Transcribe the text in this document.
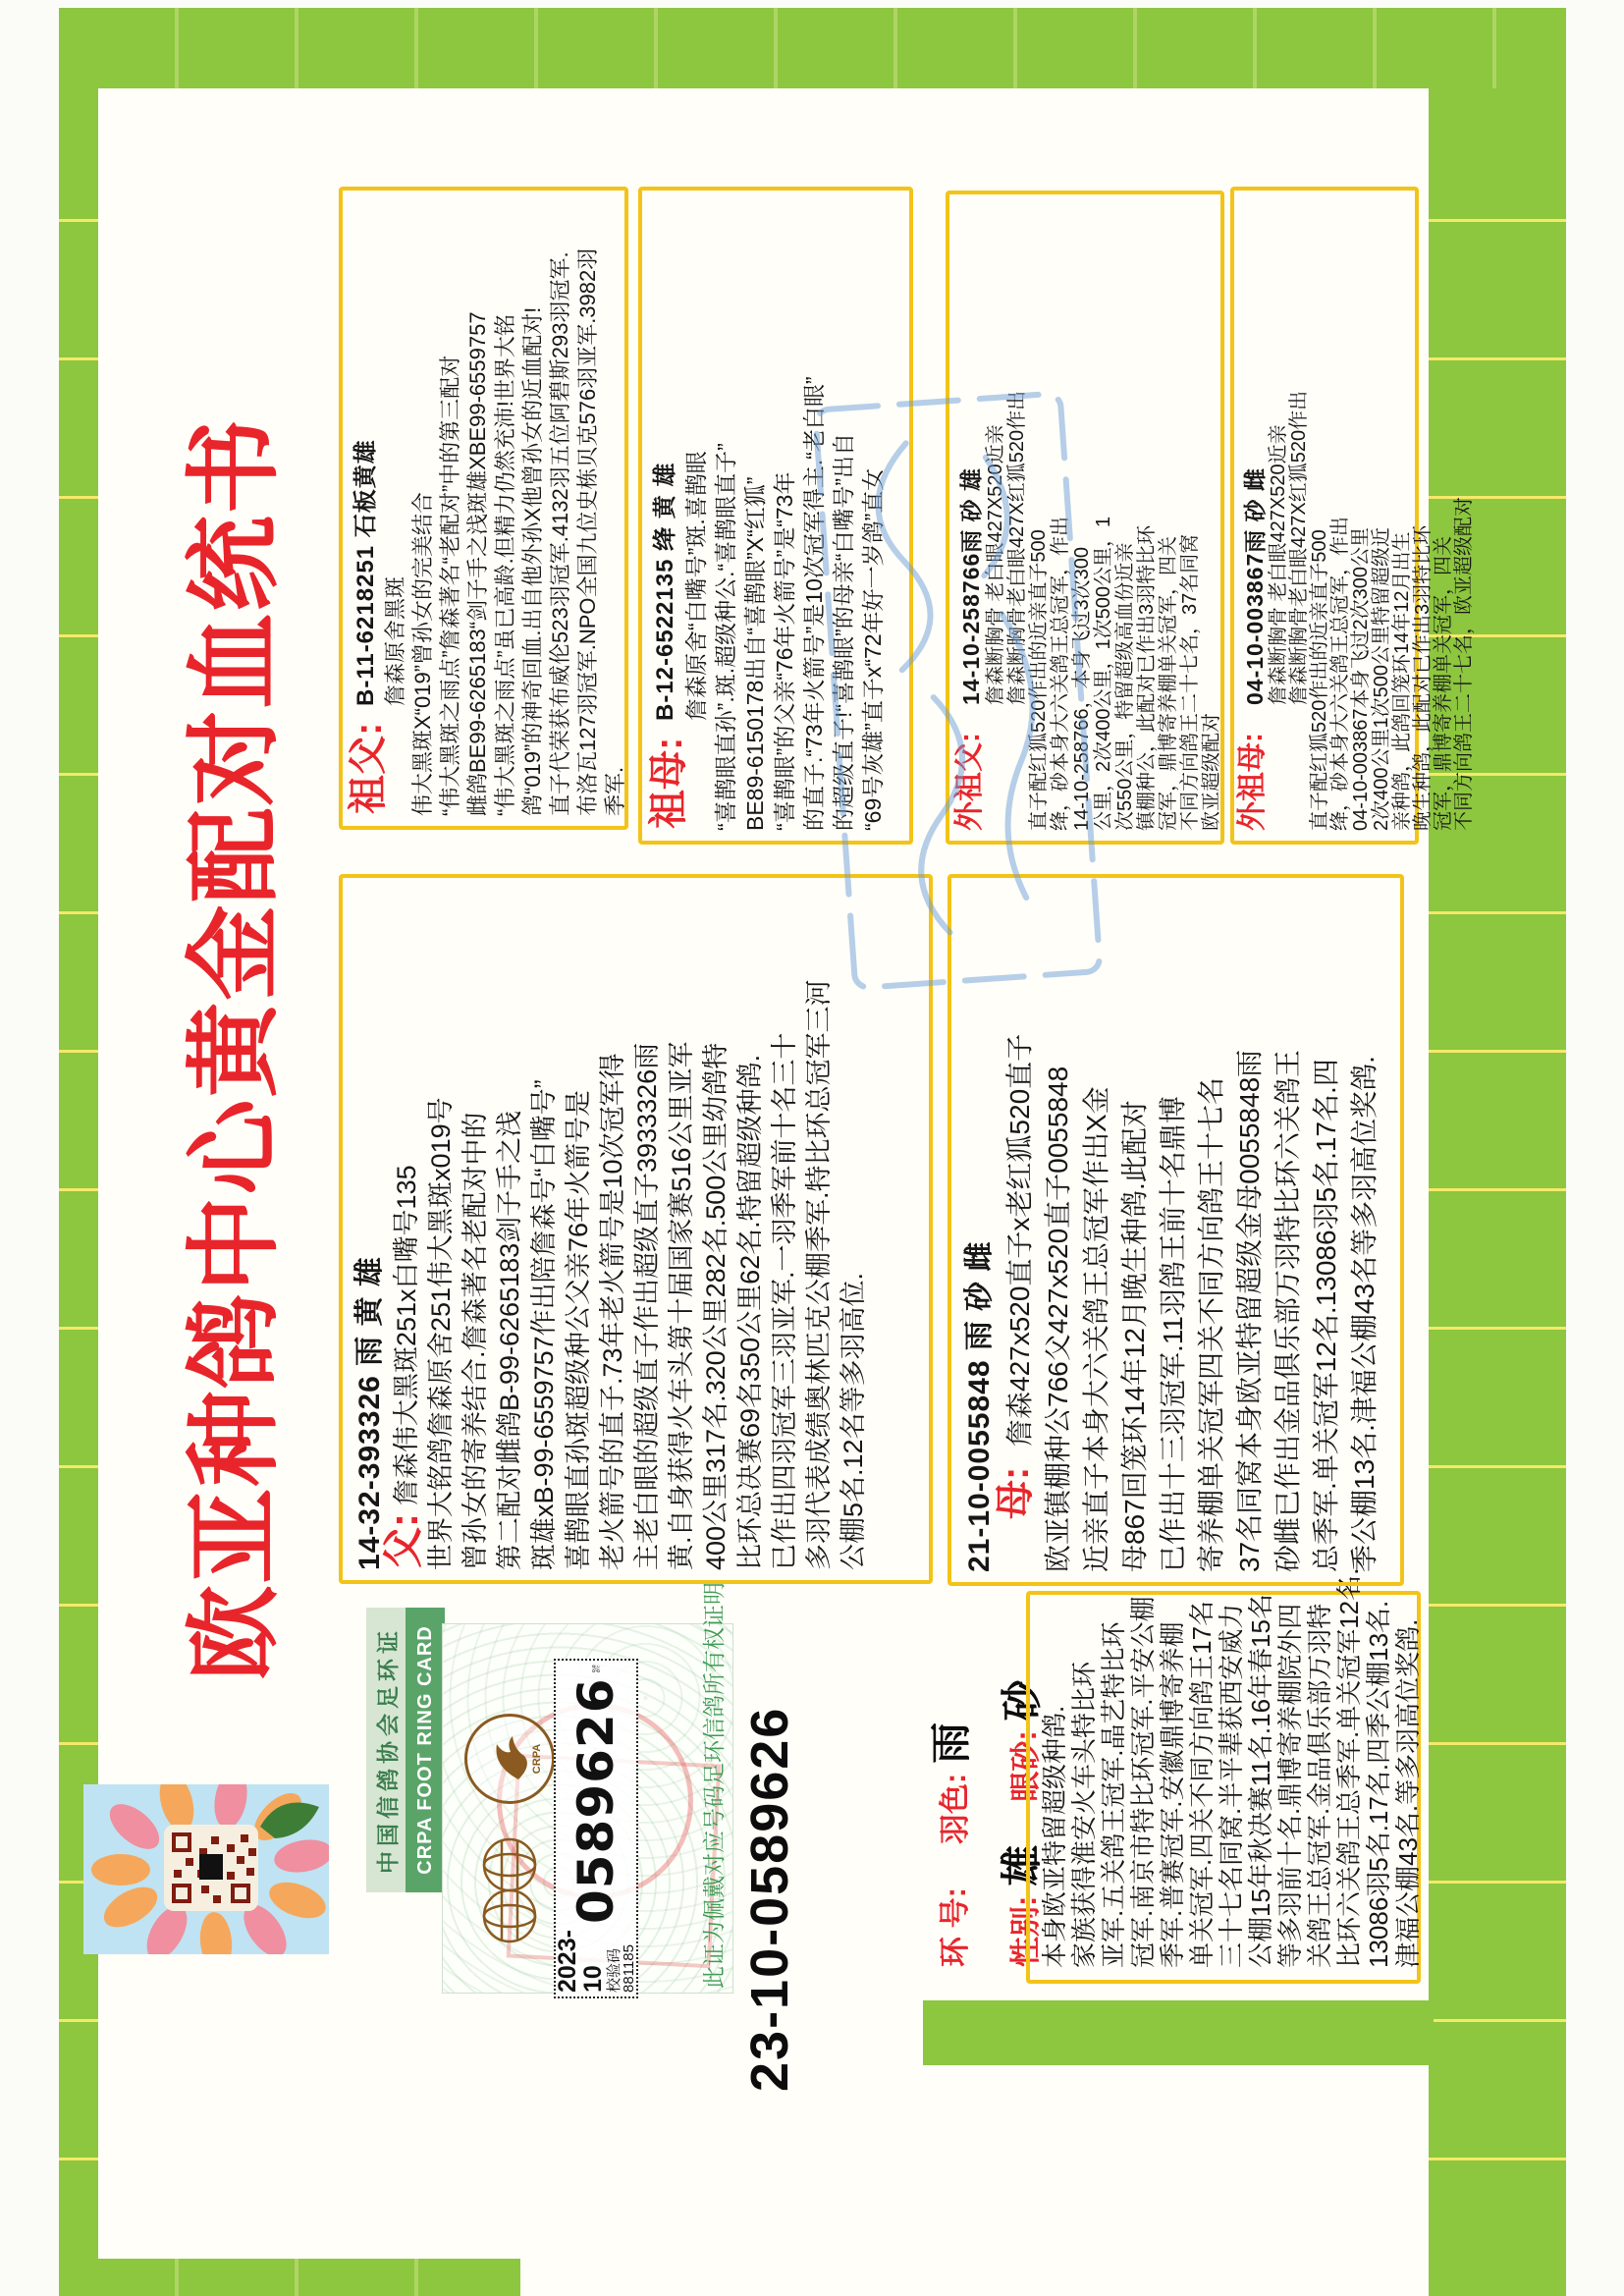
欧亚种鸽中心黄金配对血统书
中国信鸽协会足环证 CRPA FOOT RING CARD	CRPA
2023-10
校验码881185
0589626	此证为佩戴对应号码足环信鸽所有权证明 23-10-0589626	环 号:
羽色:
雨
性别:
雄
眼砂:
砂
本身欧亚特留超级种鸽. 家族获得淮安火车头特比环 亚军.五关鸽王冠军.晶艺特比环 冠军.南京市特比环冠军.平安公棚 季军.普赛冠军.安徽鼎博寄养棚 单关冠军.四关不同方向鸽王17名 三十七名同窝.半平辈获西安威力 公棚15年秋决赛11名.16年春15名 等多羽前十名.鼎博寄养棚院外四 关鸽王总冠军.金品俱乐部万羽特 比环六关鸽王总季军.单关冠军12名. 13086羽5名.17名.四季公棚13名. 津福公棚43名.等多羽高位奖鸽.
父:
14-32-393326 雨 黄 雄 詹森伟大黑斑251x白嘴号135 世界大铭鸽詹森原舍251伟大黑斑x019号 曾孙女的寄养结合.詹森著名老配对中的 第二配对雌鸽B-99-6265183剑子手之浅 斑雄xB-99-6559757作出陪詹森号“白嘴号” 喜鹊眼直孙斑超级种公父亲76年火箭号是 老火箭号的直子.73年老火箭号是10次冠军得 主老白眼的超级直子作出超级直子3933326雨 黄.自身获得火车头第十届国家赛516公里亚军 400公里317名.320公里282名.500公里幼鸽特 比环总决赛69名350公里62名.特留超级种鸽. 已作出四羽冠军三羽亚军.一羽季军前十名三十 多羽代表成绩奥林匹克公棚季军.特比环总冠军三河 公棚5名.12名等多羽高位.	母:
21-10-0055848 雨 砂 雌 詹森427x520直子x老红狐520直子 欧亚镇棚种公766父427x520直子0055848 近亲直子本身大六关鸽王总冠军作出X金 母867回笼环14年12月晚生种鸽.此配对 已作出十三羽冠军.11羽鸽王前十名鼎博 寄养棚单关冠军四关不同方向鸽王十七名 37名同窝本身欧亚特留超级金母0055848雨 砂雌已作出金品俱乐部万羽特比环六关鸽王 总季军.单关冠军12名.13086羽5名.17名.四 季公棚13名.津福公棚43名等多羽高位奖鸽.
祖父:
B-11-6218251 石板黄雄 詹森原舍黑斑 伟大黑斑X“019”曾孙女的完美结合 “伟大黑斑之雨点”詹森著名“老配对”中的第三配对 雌鸽BE99-6265183“剑子手之浅斑雄XBE99-6559757 “伟大黑斑之雨点”虽已高龄.但精力仍然充沛!世界大铭 鸽“019”的神奇回血.出自他外孙X他曾孙女的近血配对! 直子代荣获布威伦523羽冠军.4132羽五位阿碧斯293羽冠军. 布洛瓦127羽冠军.NPO全国九位史栋贝克576羽亚军.3982羽 季军. 祖母:
B-12-6522135 绛 黄 雄 詹森原舍“白嘴号”斑.喜鹊眼 “喜鹊眼直孙”.斑.超级种公.“喜鹊眼直子” BE89-6150178出自“喜鹊眼”X“红狐” “喜鹊眼”的父亲“76年火箭号”是“73年 的直子.“73年火箭号”是10次冠军得主.“老白眼” 的超级直子!“喜鹊眼”的母亲“白嘴号”出自 “69号灰雄”直子x“72年好一岁鸽”直女 外祖父:
14-10-258766雨 砂 雄 詹森断胸骨 老白眼427X520近亲 詹森断胸骨老白眼427X红狐520作出 直子配红狐520作出的近亲直子500 绛，砂本身大六关鸽王总冠军，作出 14-10-258766，本身飞过3次300 公里，2次400公里，1次500公里，1 次550公里，特留超级高血份近亲 镇棚种公，此配对已作出3羽特比环 冠军，鼎博寄养棚单关冠军，四关 不同方向鸽王二十七名，37名同窝 欧亚超级配对 外祖母:
04-10-003867雨 砂 雌 詹森断胸骨 老白眼427X520近亲 詹森断胸骨老白眼427X红狐520作出 直子配红狐520作出的近亲直子500 绛，砂本身大六关鸽王总冠军，作出 04-10-003867本身飞过2次300公里 2次400公里1次500公里特留超级近 亲种鸽，此鸽回笼环14年12月出生 晚生种鸽，此配对已作出3羽特比环 冠军，鼎博寄养棚单关冠军，四关 不同方向鸽王二十七名，欧亚超级配对
